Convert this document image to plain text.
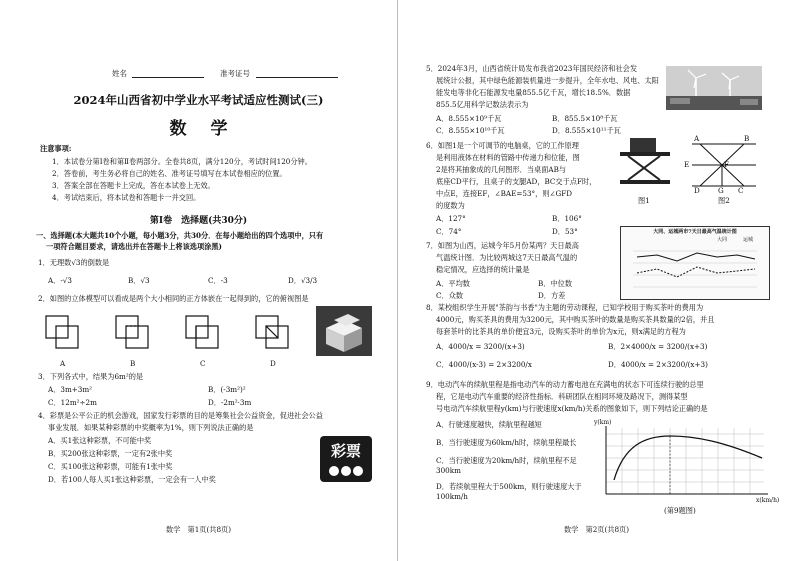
姓名	准考证号
2024年山西省初中学业水平考试适应性测试(三)
数学
注意事项:
1．本试卷分第Ⅰ卷和第Ⅱ卷两部分。全卷共8页，满分120分，考试时间120分钟。
2．答卷前，考生务必将自己的姓名、准考证号填写在本试卷相应的位置。
3．答案全部在答题卡上完成，答在本试卷上无效。
4．考试结束后，将本试卷和答题卡一并交回。
第Ⅰ卷　选择题(共30分)
一、选择题(本大题共10个小题，每小题3分，共30分．在每小题给出的四个选项中，只有
一项符合题目要求，请选出并在答题卡上将该选项涂黑)
1．无理数√3的倒数是
A．-√3	B．√3	C．-3	D．√3/3
2．如图的立体模型可以看成是两个大小相同的正方体嵌在一起得到的，它的俯视图是
A	B	C	D
3．下列各式中，结果为6m²的是
A．3m+3m²	B．(-3m²)²
C．12m²÷2m	D．-2m²·3m
4．彩票是公平公正的机会游戏，国家发行彩票的目的是筹集社会公益资金，促进社会公益
事业发展．如果某种彩票的中奖概率为1%，则下列说法正确的是
A．买1张这种彩票，不可能中奖
B．买200张这种彩票，一定有2张中奖
C．买100张这种彩票，可能有1张中奖
D．若100人每人买1张这种彩票，一定会有一人中奖
彩票
数学　第1页(共8页)
5．2024年3月，山西省统计局发布我省2023年国民经济和社会发
展统计公报，其中绿色能源装机量进一步提升，全年水电、风电、太阳
能发电等非化石能源发电量855.5亿千瓦，增长18.5%．数据
855.5亿用科学记数法表示为
A．8.555×10⁹千瓦	B．855.5×10⁸千瓦
C．8.555×10¹⁰千瓦	D．8.555×10¹¹千瓦
6．如图1是一个可调节的电脑桌，它的工作原理
是利用液体在材料的管路中传递力和位能，图
2是将其抽象成的几何图形．当桌面AB与
底座CD平行，且桌子的支腿AD，BC交于点F时，
中点E，连接EF，∠BAE=53°，则∠GFD
的度数为
A．127°	B．106°
C．74°	D．53°
图1
A	B
C
D
E	F
G
图2
7．如图为山西，运城今年5月份某两？天日最高
气温统计图．为比较两城这7天日最高气温的
稳定情况，应选择的统计量是
A．平均数	B．中位数
C．众数	D．方差
大同、运城两市7天日最高气温统计图
大同	运城
8．某校组织学生开展"茶韵与书香"为主题的劳动课程，已知学校用于购买茶叶的费用为
4000元，购买茶具的费用为3200元，其中购买茶叶的数量是购买茶具数量的2倍，并且
每套茶叶的比茶具的单价便宜3元，设购买茶叶的单价为x元，则x满足的方程为
A．4000/x = 3200/(x+3)	B．2×4000/x = 3200/(x+3)
C．4000/(x-3) = 2×3200/x	D．4000/x = 2×3200/(x+3)
9．电动汽车的续航里程是指电动汽车的动力蓄电池在充满电的状态下可连续行驶的总里
程，它是电动汽车重要的经济性指标．科研团队在相同环境及路况下，测得某型
号电动汽车续航里程y(km)与行驶速度x(km/h)关系的图象如下，则下列结论正确的是
A．行驶速度越快，续航里程越短
B．当行驶速度为60km/h时，续航里程最长
C．当行驶速度为20km/h时，续航里程不足300km
D．若续航里程大于500km，则行驶速度大于100km/h
y(km)
x(km/h)
(第9题图)
数学　第2页(共8页)
